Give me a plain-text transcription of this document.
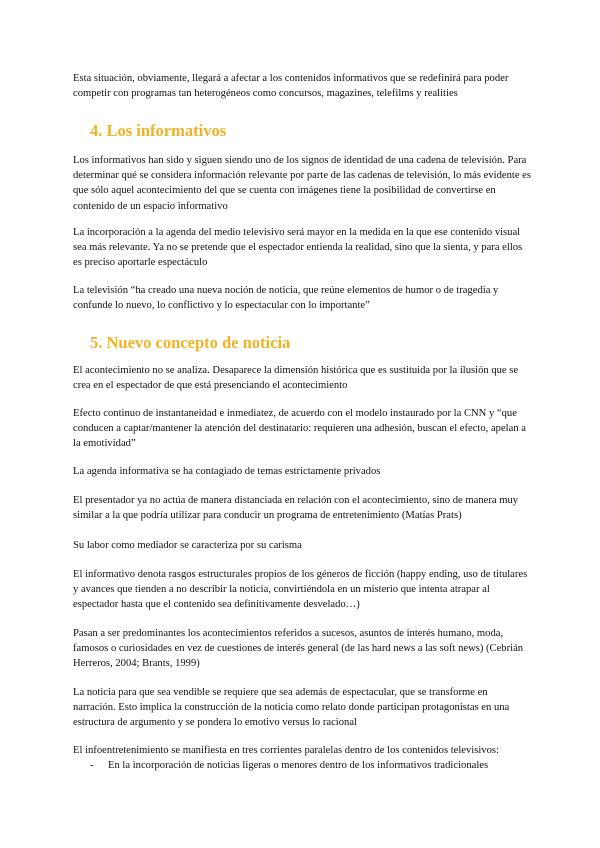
Esta situación, obviamente, llegará a afectar a los contenidos informativos que se redefinirá para poder competir con programas tan heterogéneos como concursos, magazines, telefilms y realities

4. Los informativos

Los informativos han sido y siguen siendo uno de los signos de identidad de una cadena de televisión. Para determinar qué se considera información relevante por parte de las cadenas de televisión, lo más evidente es que sólo aquel acontecimiento del que se cuenta con imágenes tiene la posibilidad de convertirse en contenido de un espacio informativo

La incorporación a la agenda del medio televisivo será mayor en la medida en la que ese contenido visual sea más relevante. Ya no se pretende que el espectador entienda la realidad, sino que la sienta, y para ellos es preciso aportarle espectáculo

La televisión “ha creado una nueva noción de noticia, que reúne elementos de humor o de tragedia y confunde lo nuevo, lo conflictivo y lo espectacular con lo importante”

5. Nuevo concepto de noticia

El acontecimiento no se analiza. Desaparece la dimensión histórica que es sustituida por la ilusión que se crea en el espectador de que está presenciando el acontecimiento

Efecto continuo de instantaneidad e inmediatez, de acuerdo con el modelo instaurado por la CNN y “que conducen a captar/mantener la atención del destinatario: requieren una adhesión, buscan el efecto, apelan a la emotividad”

La agenda informativa se ha contagiado de temas estrictamente privados

El presentador ya no actúa de manera distanciada en relación con el acontecimiento, sino de manera muy similar a la que podría utilizar para conducir un programa de entretenimiento (Matías Prats)

Su labor como mediador se caracteriza por su carisma

El informativo denota rasgos estructurales propios de los géneros de ficción (happy ending, uso de titulares y avances que tienden a no describir la noticia, convirtiéndola en un misterio que intenta atrapar al espectador hasta que el contenido sea definitivamente desvelado…)

Pasan a ser predominantes los acontecimientos referidos a sucesos, asuntos de interés humano, moda, famosos o curiosidades en vez de cuestiones de interés general (de las hard news a las soft news) (Cebrián Herreros, 2004; Brants, 1999)

La noticia para que sea vendible se requiere que sea además de espectacular, que se transforme en narración. Esto implica la construcción de la noticia como relato donde participan protagonistas en una estructura de argumento y se pondera lo emotivo versus lo racional

El infoentretenimiento se manifiesta en tres corrientes paralelas dentro de los contenidos televisivos:

- En la incorporación de noticias ligeras o menores dentro de los informativos tradicionales
